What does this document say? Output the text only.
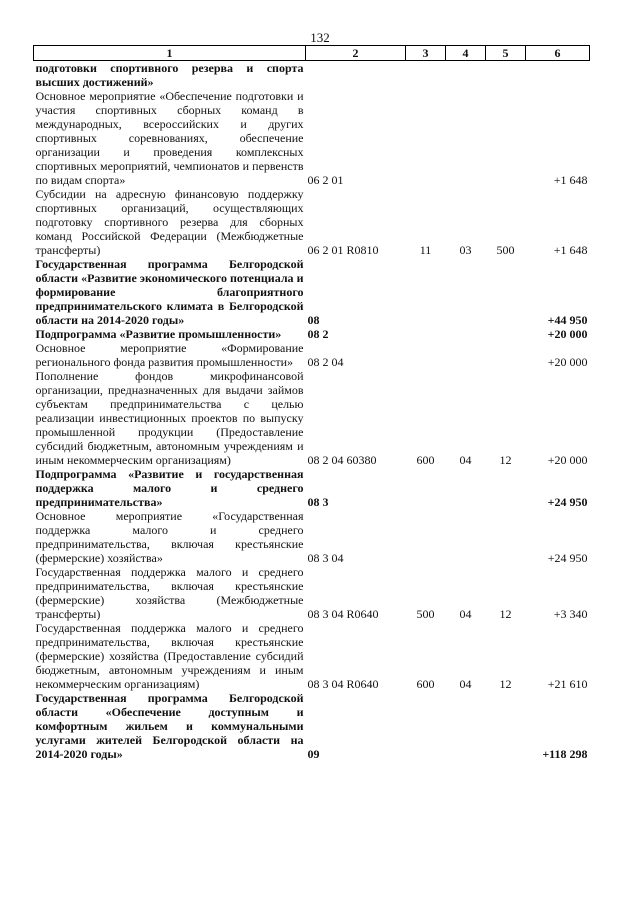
132
1	2	3	4	5	6
подготовки спортивного резерва и спорта высших достижений»					
Основное мероприятие «Обеспечение подготовки и участия спортивных сборных команд в международных, всероссийских и других спортивных соревнованиях, обеспечение организации и проведения комплексных спортивных мероприятий, чемпионатов и первенств по видам спорта»	06 2 01				+1 648
Субсидии на адресную финансовую поддержку спортивных организаций, осуществляющих подготовку спортивного резерва для сборных команд Российской Федерации (Межбюджетные трансферты)	06 2 01 R0810	11	03	500	+1 648
Государственная программа Белгородской области «Развитие экономического потенциала и формирование благоприятного предпринимательского климата в Белгородской области на 2014-2020 годы»	08				+44 950
Подпрограмма «Развитие промышленности»	08 2				+20 000
Основное мероприятие «Формирование регионального фонда развития промышленности»	08 2 04				+20 000
Пополнение фондов микрофинансовой организации, предназначенных для выдачи займов субъектам предпринимательства с целью реализации инвестиционных проектов по выпуску промышленной продукции (Предоставление субсидий бюджетным, автономным учреждениям и иным некоммерческим организациям)	08 2 04 60380	600	04	12	+20 000
Подпрограмма «Развитие и государственная поддержка малого и среднего предпринимательства»	08 3				+24 950
Основное мероприятие «Государственная поддержка малого и среднего предпринимательства, включая крестьянские (фермерские) хозяйства»	08 3 04				+24 950
Государственная поддержка малого и среднего предпринимательства, включая крестьянские (фермерские) хозяйства (Межбюджетные трансферты)	08 3 04 R0640	500	04	12	+3 340
Государственная поддержка малого и среднего предпринимательства, включая крестьянские (фермерские) хозяйства (Предоставление субсидий бюджетным, автономным учреждениям и иным некоммерческим организациям)	08 3 04 R0640	600	04	12	+21 610
Государственная программа Белгородской области «Обеспечение доступным и комфортным жильем и коммунальными услугами жителей Белгородской области на 2014-2020 годы»	09				+118 298
